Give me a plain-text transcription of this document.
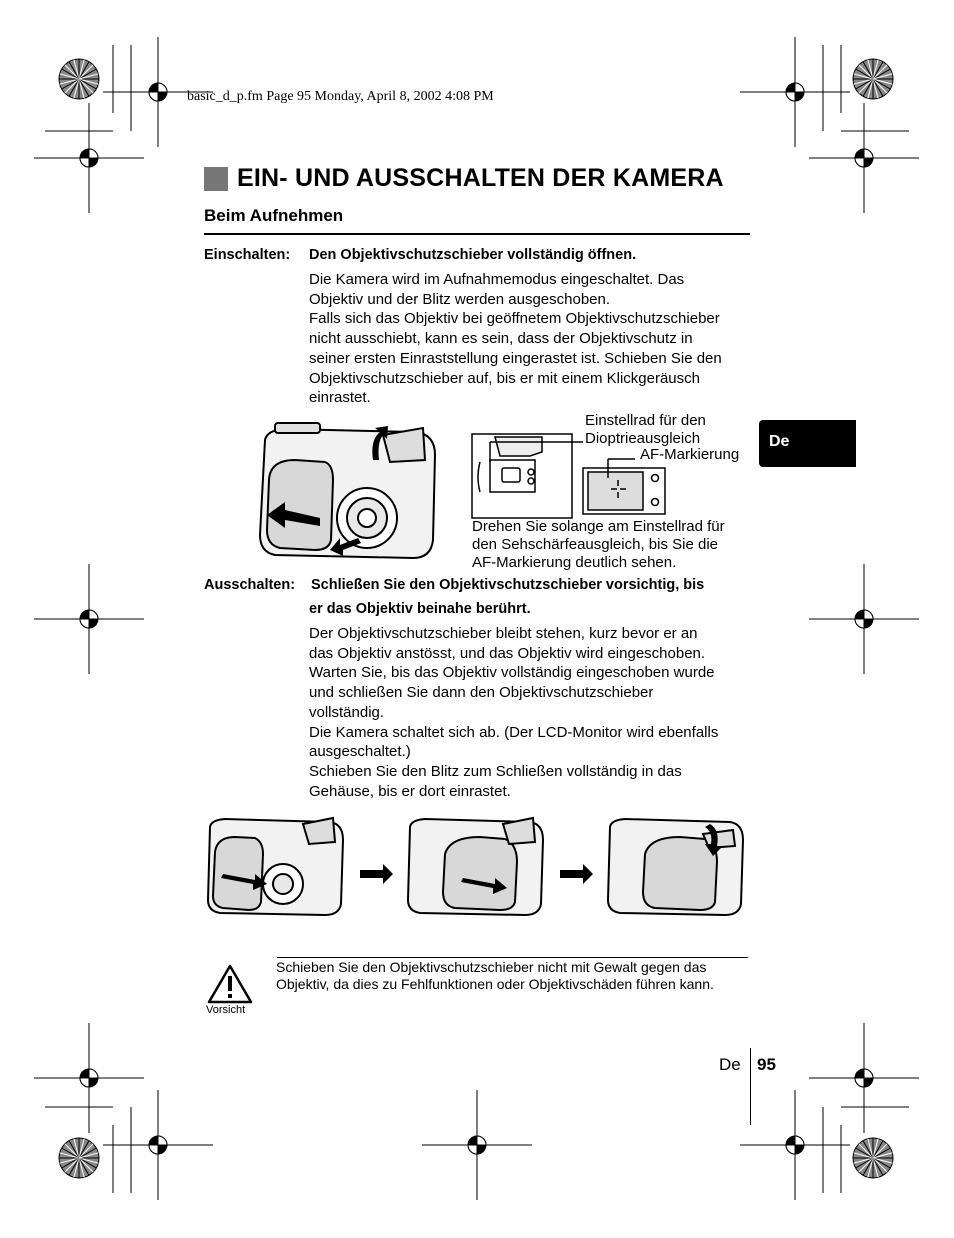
basic_d_p.fm Page 95 Monday, April 8, 2002 4:08 PM
EIN- UND AUSSCHALTEN DER KAMERA
Beim Aufnehmen
Einschalten: Den Objektivschutzschieber vollständig öffnen.
Die Kamera wird im Aufnahmemodus eingeschaltet. Das
Objektiv und der Blitz werden ausgeschoben.
Falls sich das Objektiv bei geöffnetem Objektivschutzschieber
nicht ausschiebt, kann es sein, dass der Objektivschutz in
seiner ersten Einraststellung eingerastet ist. Schieben Sie den
Objektivschutzschieber auf, bis er mit einem Klickgeräusch
einrastet.
Einstellrad für den
Dioptrieausgleich
AF-Markierung
Drehen Sie solange am Einstellrad für
den Sehschärfeausgleich, bis Sie die
AF-Markierung deutlich sehen.
De
Ausschalten: Schließen Sie den Objektivschutzschieber vorsichtig, bis
er das Objektiv beinahe berührt.
Der Objektivschutzschieber bleibt stehen, kurz bevor er an
das Objektiv anstösst, und das Objektiv wird eingeschoben.
Warten Sie, bis das Objektiv vollständig eingeschoben wurde
und schließen Sie dann den Objektivschutzschieber
vollständig.
Die Kamera schaltet sich ab. (Der LCD-Monitor wird ebenfalls
ausgeschaltet.)
Schieben Sie den Blitz zum Schließen vollständig in das
Gehäuse, bis er dort einrastet.
Vorsicht
Schieben Sie den Objektivschutzschieber nicht mit Gewalt gegen das
Objektiv, da dies zu Fehlfunktionen oder Objektivschäden führen kann.
De 95
